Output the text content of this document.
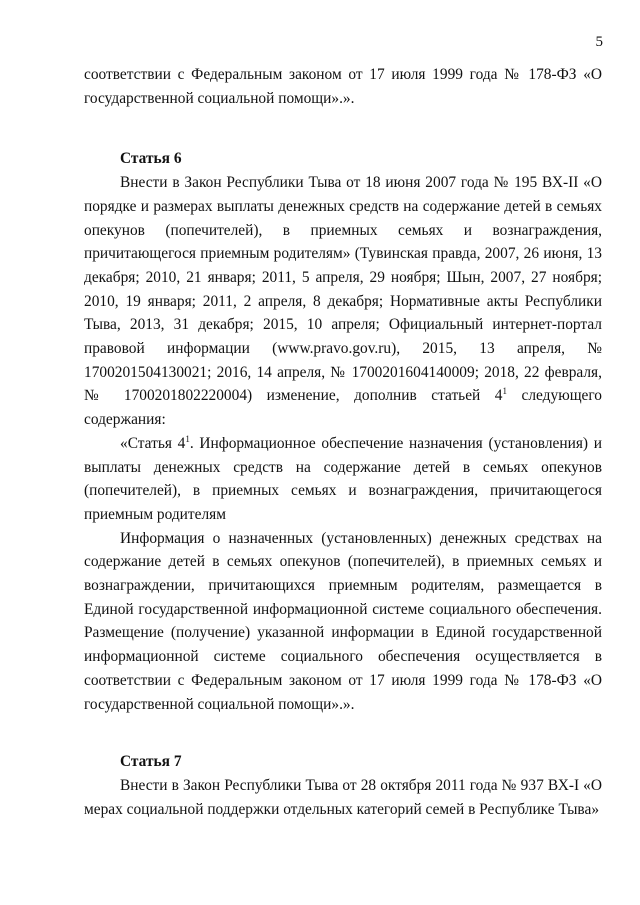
5

соответствии с Федеральным законом от 17 июля 1999 года № 178-ФЗ «О государственной социальной помощи».».

Статья 6

Внести в Закон Республики Тыва от 18 июня 2007 года № 195 ВХ-II «О порядке и размерах выплаты денежных средств на содержание детей в семьях опекунов (попечителей), в приемных семьях и вознаграждения, причитающегося приемным родителям» (Тувинская правда, 2007, 26 июня, 13 декабря; 2010, 21 января; 2011, 5 апреля, 29 ноября; Шын, 2007, 27 ноября; 2010, 19 января; 2011, 2 апреля, 8 декабря; Нормативные акты Республики Тыва, 2013, 31 декабря; 2015, 10 апреля; Официальный интернет-портал правовой информации (www.pravo.gov.ru), 2015, 13 апреля, № 1700201504130021; 2016, 14 апреля, № 1700201604140009; 2018, 22 февраля, № 1700201802220004) изменение, дополнив статьей $4^1$ следующего содержания:

«Статья $4^1$. Информационное обеспечение назначения (установления) и выплаты денежных средств на содержание детей в семьях опекунов (попечителей), в приемных семьях и вознаграждения, причитающегося приемным родителям

Информация о назначенных (установленных) денежных средствах на содержание детей в семьях опекунов (попечителей), в приемных семьях и вознаграждении, причитающихся приемным родителям, размещается в Единой государственной информационной системе социального обеспечения. Размещение (получение) указанной информации в Единой государственной информационной системе социального обеспечения осуществляется в соответствии с Федеральным законом от 17 июля 1999 года № 178-ФЗ «О государственной социальной помощи».».

Статья 7

Внести в Закон Республики Тыва от 28 октября 2011 года № 937 ВХ-I «О мерах социальной поддержки отдельных категорий семей в Республике Тыва»
